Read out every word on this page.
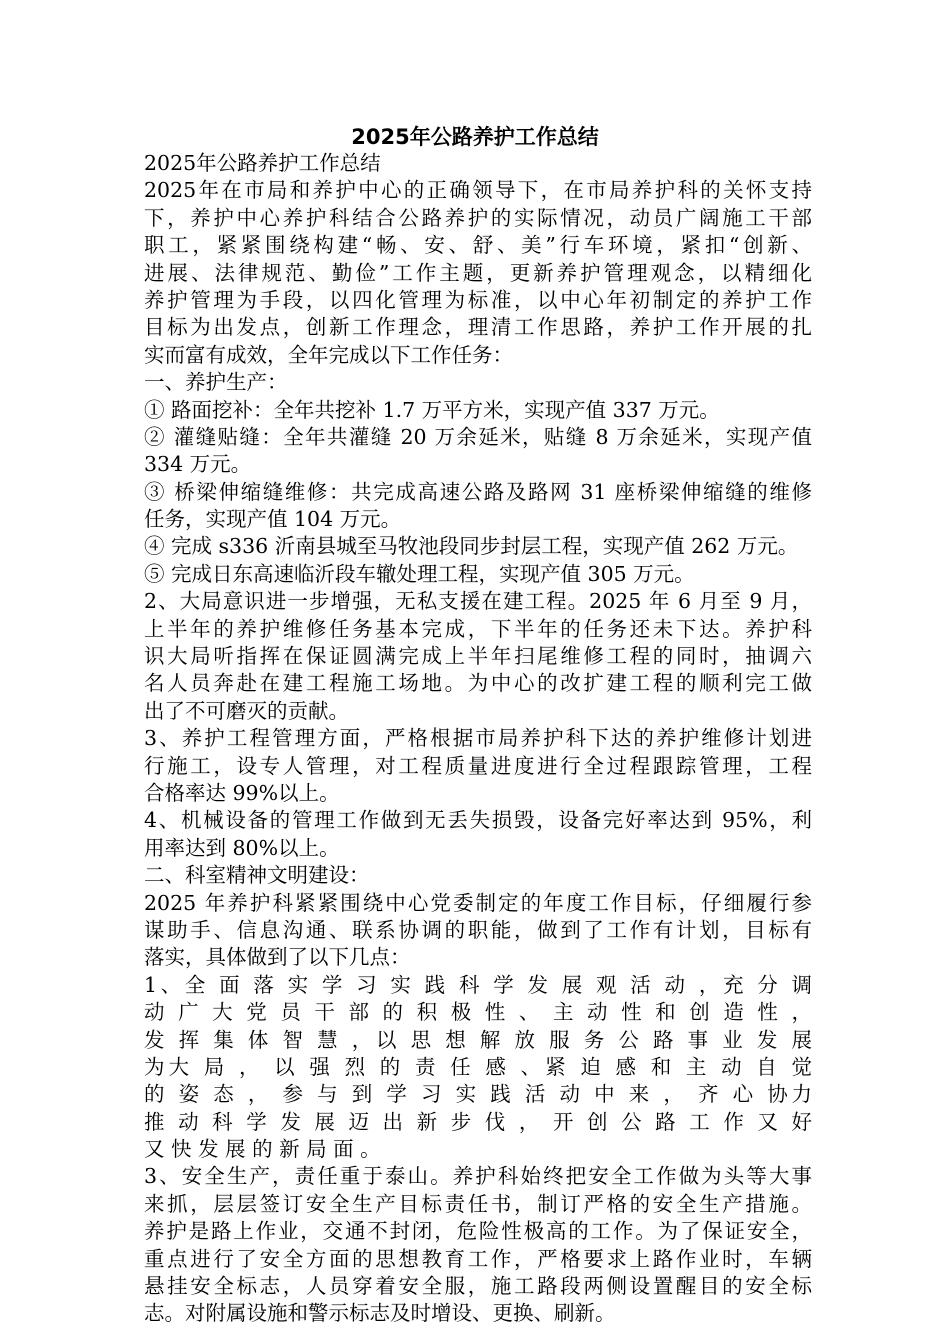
2025年公路养护工作总结
2025年公路养护工作总结
2025年在市局和养护中心的正确领导下，在市局养护科的关怀支持
下，养护中心养护科结合公路养护的实际情况，动员广阔施工干部
职工，紧紧围绕构建“畅、安、舒、美”行车环境，紧扣“创新、
进展、法律规范、勤俭”工作主题，更新养护管理观念，以精细化
养护管理为手段，以四化管理为标准，以中心年初制定的养护工作
目标为出发点，创新工作理念，理清工作思路，养护工作开展的扎
实而富有成效，全年完成以下工作任务：
一、养护生产：
① 路面挖补：全年共挖补 1.7 万平方米，实现产值 337 万元。
② 灌缝贴缝：全年共灌缝 20 万余延米，贴缝 8 万余延米，实现产值
334 万元。
③ 桥梁伸缩缝维修：共完成高速公路及路网 31 座桥梁伸缩缝的维修
任务，实现产值 104 万元。
④ 完成 s336 沂南县城至马牧池段同步封层工程，实现产值 262 万元。
⑤ 完成日东高速临沂段车辙处理工程，实现产值 305 万元。
2、大局意识进一步增强，无私支援在建工程。2025 年 6 月至 9 月，
上半年的养护维修任务基本完成，下半年的任务还未下达。养护科
识大局听指挥在保证圆满完成上半年扫尾维修工程的同时，抽调六
名人员奔赴在建工程施工场地。为中心的改扩建工程的顺利完工做
出了不可磨灭的贡献。
3、养护工程管理方面，严格根据市局养护科下达的养护维修计划进
行施工，设专人管理，对工程质量进度进行全过程跟踪管理，工程
合格率达 99%以上。
4、机械设备的管理工作做到无丢失损毁，设备完好率达到 95%，利
用率达到 80%以上。
二、科室精神文明建设：
2025 年养护科紧紧围绕中心党委制定的年度工作目标，仔细履行参
谋助手、信息沟通、联系协调的职能，做到了工作有计划，目标有
落实，具体做到了以下几点：
1、全 面 落 实 学 习 实 践 科 学 发 展 观 活 动 ，充 分 调
动 广 大 党 员 干 部 的 积 极 性 、 主 动 性 和 创 造 性 ，
发 挥 集 体 智 慧 ，以 思 想 解 放 服 务 公 路 事 业 发 展
为大 局 ， 以 强 烈 的 责 任 感 、紧 迫 感 和 主 动 自 觉
的 姿 态 ， 参 与 到 学 习 实 践 活 动 中 来 ， 齐 心 协力
推 动 科 学 发 展 迈 出 新 步 伐 ， 开 创 公 路 工 作 又 好
又 快 发 展 的 新 局 面 。
3、安全生产，责任重于泰山。养护科始终把安全工作做为头等大事
来抓，层层签订安全生产目标责任书，制订严格的安全生产措施。
养护是路上作业，交通不封闭，危险性极高的工作。为了保证安全，
重点进行了安全方面的思想教育工作，严格要求上路作业时，车辆
悬挂安全标志，人员穿着安全服，施工路段两侧设置醒目的安全标
志。对附属设施和警示标志及时增设、更换、刷新。
